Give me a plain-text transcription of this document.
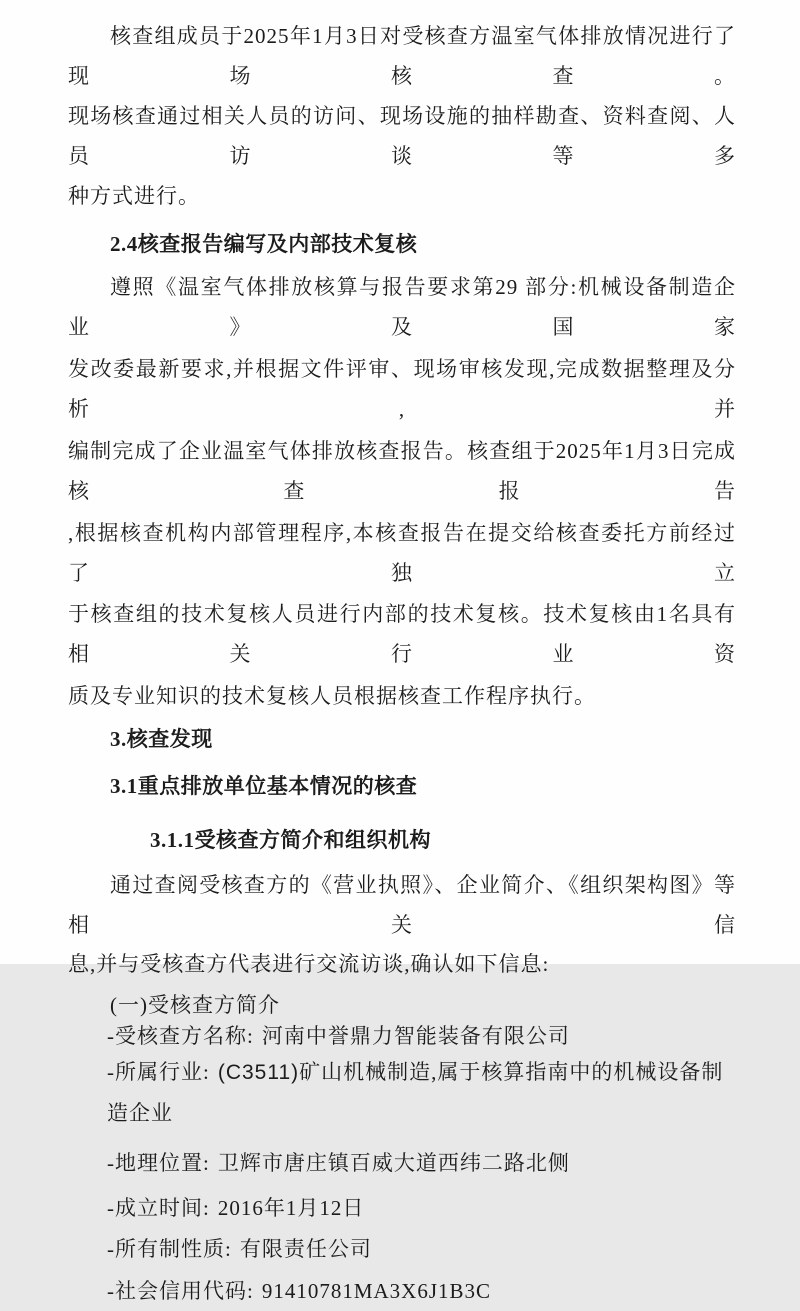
核查组成员于2025年1月3日对受核查方温室气体排放情况进行了现场核查。
现场核查通过相关人员的访问、现场设施的抽样勘查、资料查阅、人员访谈等多
种方式进行。
2.4核查报告编写及内部技术复核
遵照《温室气体排放核算与报告要求第29 部分:机械设备制造企业》及国家
发改委最新要求,并根据文件评审、现场审核发现,完成数据整理及分析,并
编制完成了企业温室气体排放核查报告。核查组于2025年1月3日完成核查报告
,根据核查机构内部管理程序,本核查报告在提交给核查委托方前经过了独立
于核查组的技术复核人员进行内部的技术复核。技术复核由1名具有相关行业资
质及专业知识的技术复核人员根据核查工作程序执行。
3.核查发现
3.1重点排放单位基本情况的核查
3.1.1受核查方简介和组织机构
通过查阅受核查方的《营业执照》、企业简介、《组织架构图》等相关信
息,并与受核查方代表进行交流访谈,确认如下信息:
(一)受核查方简介
-受核查方名称: 河南中誉鼎力智能装备有限公司
-所属行业: (C3511)矿山机械制造,属于核算指南中的机械设备制造企业
-地理位置: 卫辉市唐庄镇百威大道西纬二路北侧
-成立时间: 2016年1月12日
-所有制性质: 有限责任公司
-社会信用代码: 91410781MA3X6J1B3C
